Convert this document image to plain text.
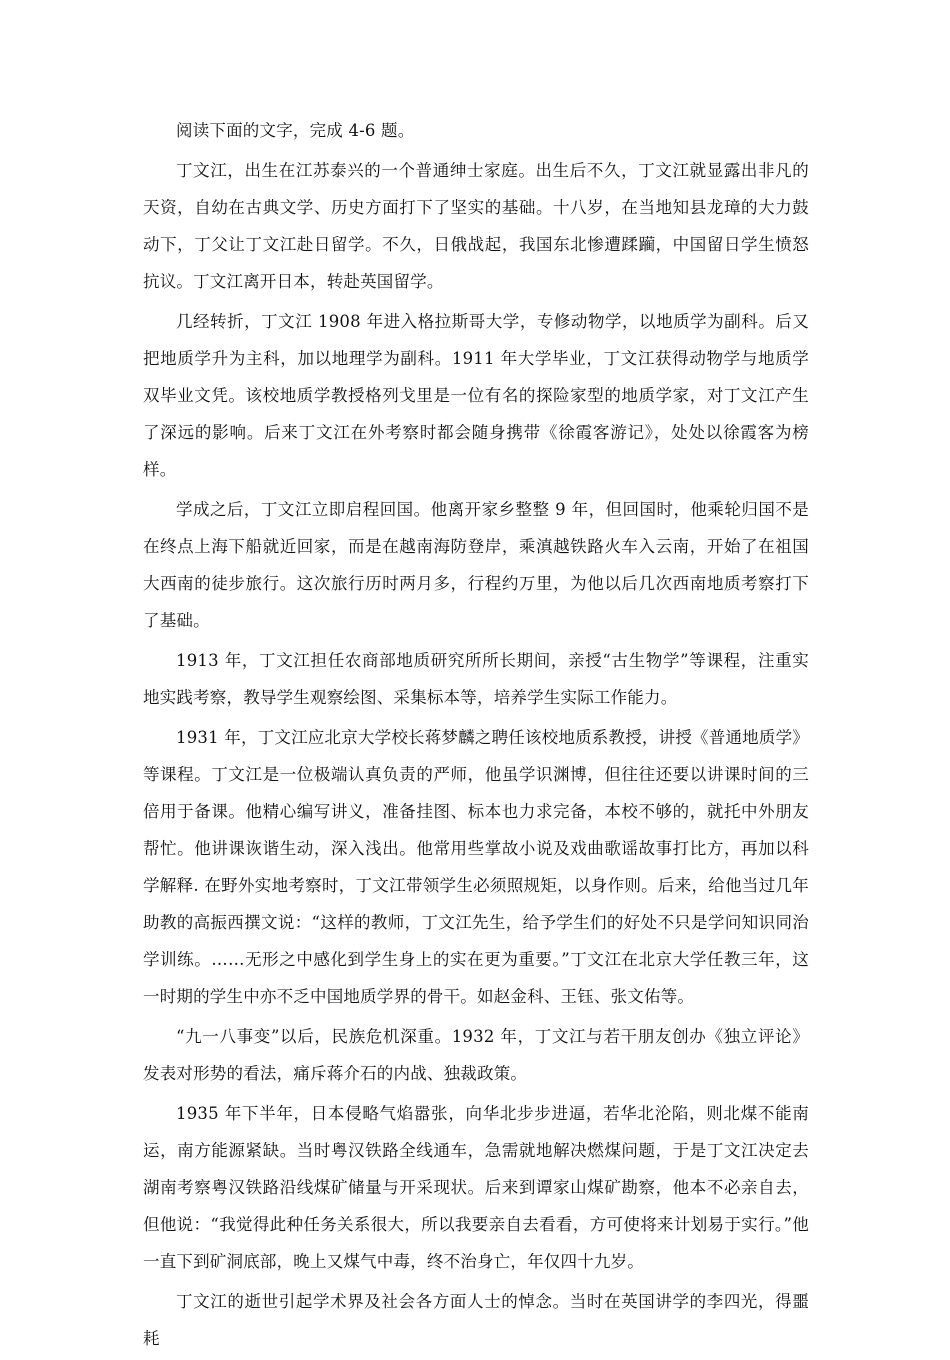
阅读下面的文字，完成 4-6 题。

丁文江，出生在江苏泰兴的一个普通绅士家庭。出生后不久，丁文江就显露出非凡的天资，自幼在古典文学、历史方面打下了坚实的基础。十八岁，在当地知县龙璋的大力鼓动下，丁父让丁文江赴日留学。不久，日俄战起，我国东北惨遭蹂躏，中国留日学生愤怒抗议。丁文江离开日本，转赴英国留学。

几经转折，丁文江 1908 年进入格拉斯哥大学，专修动物学，以地质学为副科。后又把地质学升为主科，加以地理学为副科。1911 年大学毕业，丁文江获得动物学与地质学双毕业文凭。该校地质学教授格列戈里是一位有名的探险家型的地质学家，对丁文江产生了深远的影响。后来丁文江在外考察时都会随身携带《徐霞客游记》，处处以徐霞客为榜样。

学成之后，丁文江立即启程回国。他离开家乡整整 9 年，但回国时，他乘轮归国不是在终点上海下船就近回家，而是在越南海防登岸，乘滇越铁路火车入云南，开始了在祖国大西南的徒步旅行。这次旅行历时两月多，行程约万里，为他以后几次西南地质考察打下了基础。

1913 年，丁文江担任农商部地质研究所所长期间，亲授“古生物学”等课程，注重实地实践考察，教导学生观察绘图、采集标本等，培养学生实际工作能力。

1931 年，丁文江应北京大学校长蒋梦麟之聘任该校地质系教授，讲授《普通地质学》等课程。丁文江是一位极端认真负责的严师，他虽学识渊博，但往往还要以讲课时间的三倍用于备课。他精心编写讲义，准备挂图、标本也力求完备，本校不够的，就托中外朋友帮忙。他讲课诙谐生动，深入浅出。他常用些掌故小说及戏曲歌谣故事打比方，再加以科学解释. 在野外实地考察时，丁文江带领学生必须照规矩，以身作则。后来，给他当过几年助教的高振西撰文说：“这样的教师，丁文江先生，给予学生们的好处不只是学问知识同治学训练。……无形之中感化到学生身上的实在更为重要。”丁文江在北京大学任教三年，这一时期的学生中亦不乏中国地质学界的骨干。如赵金科、王钰、张文佑等。

“九一八事变”以后，民族危机深重。1932 年，丁文江与若干朋友创办《独立评论》发表对形势的看法，痛斥蒋介石的内战、独裁政策。

1935 年下半年，日本侵略气焰嚣张，向华北步步进逼，若华北沦陷，则北煤不能南运，南方能源紧缺。当时粤汉铁路全线通车，急需就地解决燃煤问题，于是丁文江决定去湖南考察粤汉铁路沿线煤矿储量与开采现状。后来到谭家山煤矿勘察，他本不必亲自去，但他说：“我觉得此种任务关系很大，所以我要亲自去看看，方可使将来计划易于实行。”他一直下到矿洞底部，晚上又煤气中毒，终不治身亡，年仅四十九岁。

丁文江的逝世引起学术界及社会各方面人士的悼念。当时在英国讲学的李四光，得噩耗
